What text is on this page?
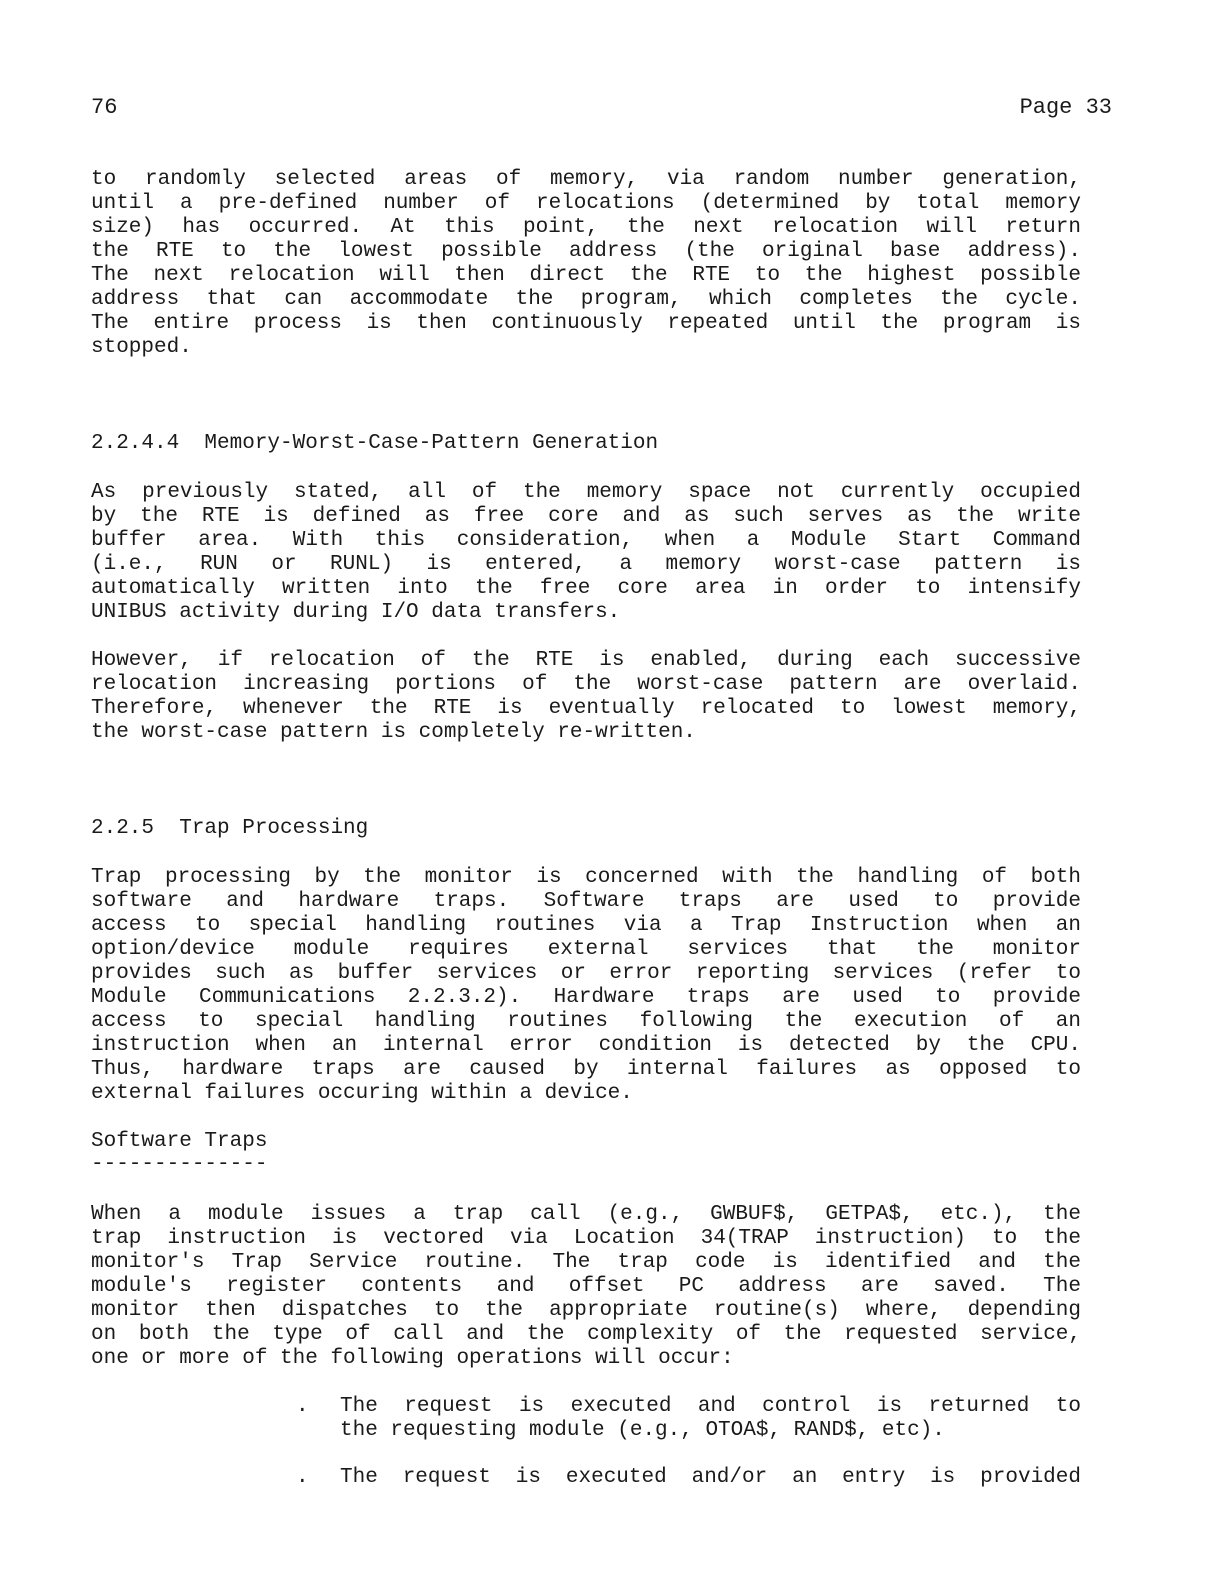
76	Page 33
to randomly selected areas of memory, via random number generation,
until a pre-defined number of relocations (determined by total memory
size) has occurred. At this point, the next relocation will return
the RTE to the lowest possible address (the original base address).
The next relocation will then direct the RTE to the highest possible
address that can accommodate the program, which completes the cycle.
The entire process is then continuously repeated until the program is
stopped.
2.2.4.4  Memory-Worst-Case-Pattern Generation
As previously stated, all of the memory space not currently occupied
by the RTE is defined as free core and as such serves as the write
buffer area. With this consideration, when a Module Start Command
(i.e., RUN or RUNL) is entered, a memory worst-case pattern is
automatically written into the free core area in order to intensify
UNIBUS activity during I/O data transfers.
However, if relocation of the RTE is enabled, during each successive
relocation increasing portions of the worst-case pattern are overlaid.
Therefore, whenever the RTE is eventually relocated to lowest memory,
the worst-case pattern is completely re-written.
2.2.5  Trap Processing
Trap processing by the monitor is concerned with the handling of both
software and hardware traps. Software traps are used to provide
access to special handling routines via a Trap Instruction when an
option/device module requires external services that the monitor
provides such as buffer services or error reporting services (refer to
Module Communications 2.2.3.2). Hardware traps are used to provide
access to special handling routines following the execution of an
instruction when an internal error condition is detected by the CPU.
Thus, hardware traps are caused by internal failures as opposed to
external failures occuring within a device.
Software Traps
--------------
When a module issues a trap call (e.g., GWBUF$, GETPA$, etc.), the
trap instruction is vectored via Location 34(TRAP instruction) to the
monitor's Trap Service routine. The trap code is identified and the
module's register contents and offset PC address are saved. The
monitor then dispatches to the appropriate routine(s) where, depending
on both the type of call and the complexity of the requested service,
one or more of the following operations will occur:
. The request is executed and control is returned to
the requesting module (e.g., OTOA$, RAND$, etc).
. The request is executed and/or an entry is provided
